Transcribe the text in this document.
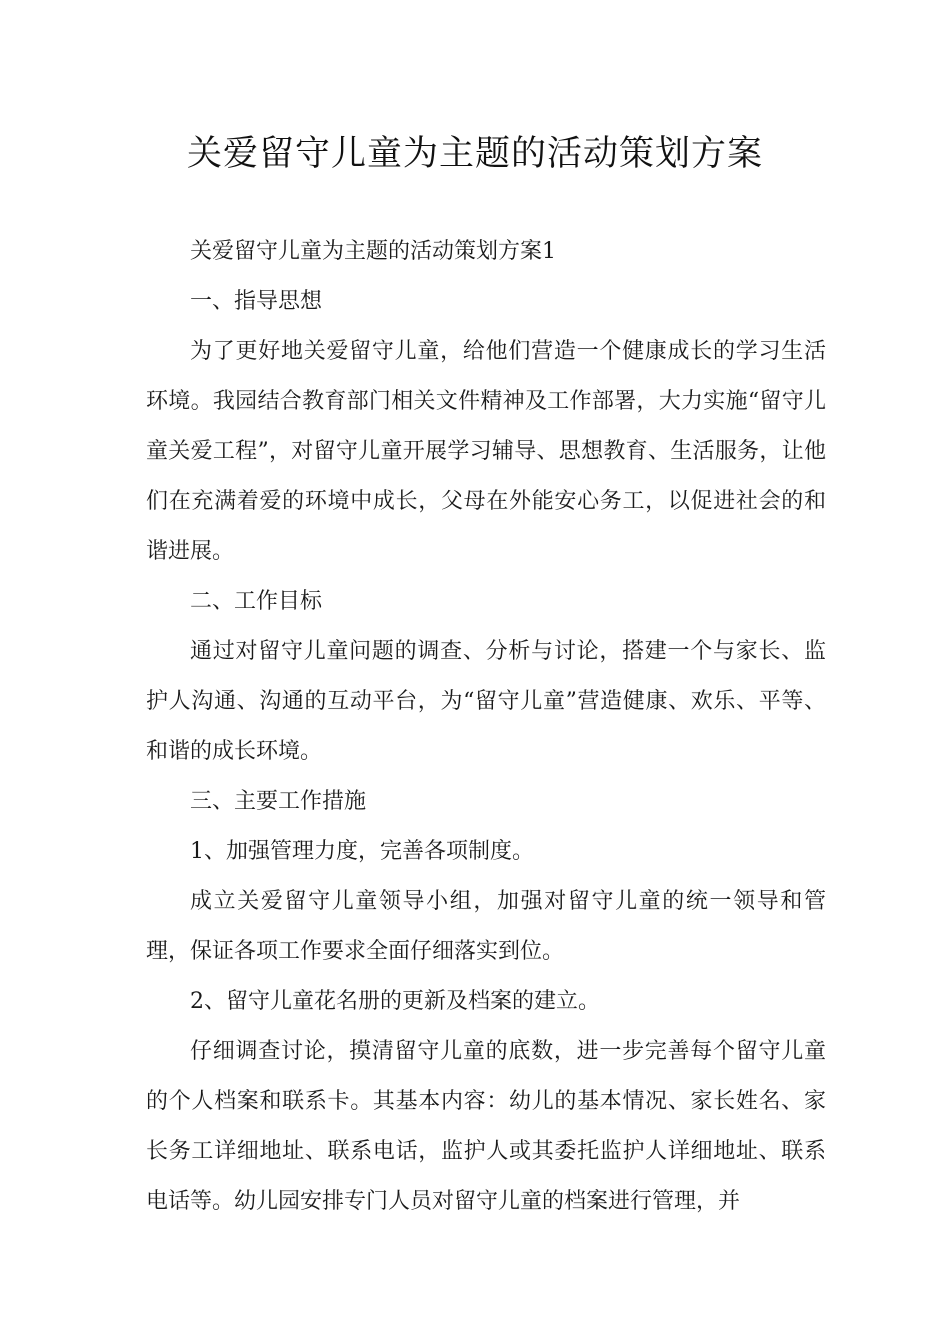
关爱留守儿童为主题的活动策划方案

关爱留守儿童为主题的活动策划方案1

一、指导思想

为了更好地关爱留守儿童，给他们营造一个健康成长的学习生活环境。我园结合教育部门相关文件精神及工作部署，大力实施“留守儿童关爱工程”，对留守儿童开展学习辅导、思想教育、生活服务，让他们在充满着爱的环境中成长，父母在外能安心务工，以促进社会的和谐进展。

二、工作目标

通过对留守儿童问题的调查、分析与讨论，搭建一个与家长、监护人沟通、沟通的互动平台，为“留守儿童”营造健康、欢乐、平等、和谐的成长环境。

三、主要工作措施

1、加强管理力度，完善各项制度。

成立关爱留守儿童领导小组，加强对留守儿童的统一领导和管理，保证各项工作要求全面仔细落实到位。

2、留守儿童花名册的更新及档案的建立。

仔细调查讨论，摸清留守儿童的底数，进一步完善每个留守儿童的个人档案和联系卡。其基本内容：幼儿的基本情况、家长姓名、家长务工详细地址、联系电话，监护人或其委托监护人详细地址、联系电话等。幼儿园安排专门人员对留守儿童的档案进行管理，并
